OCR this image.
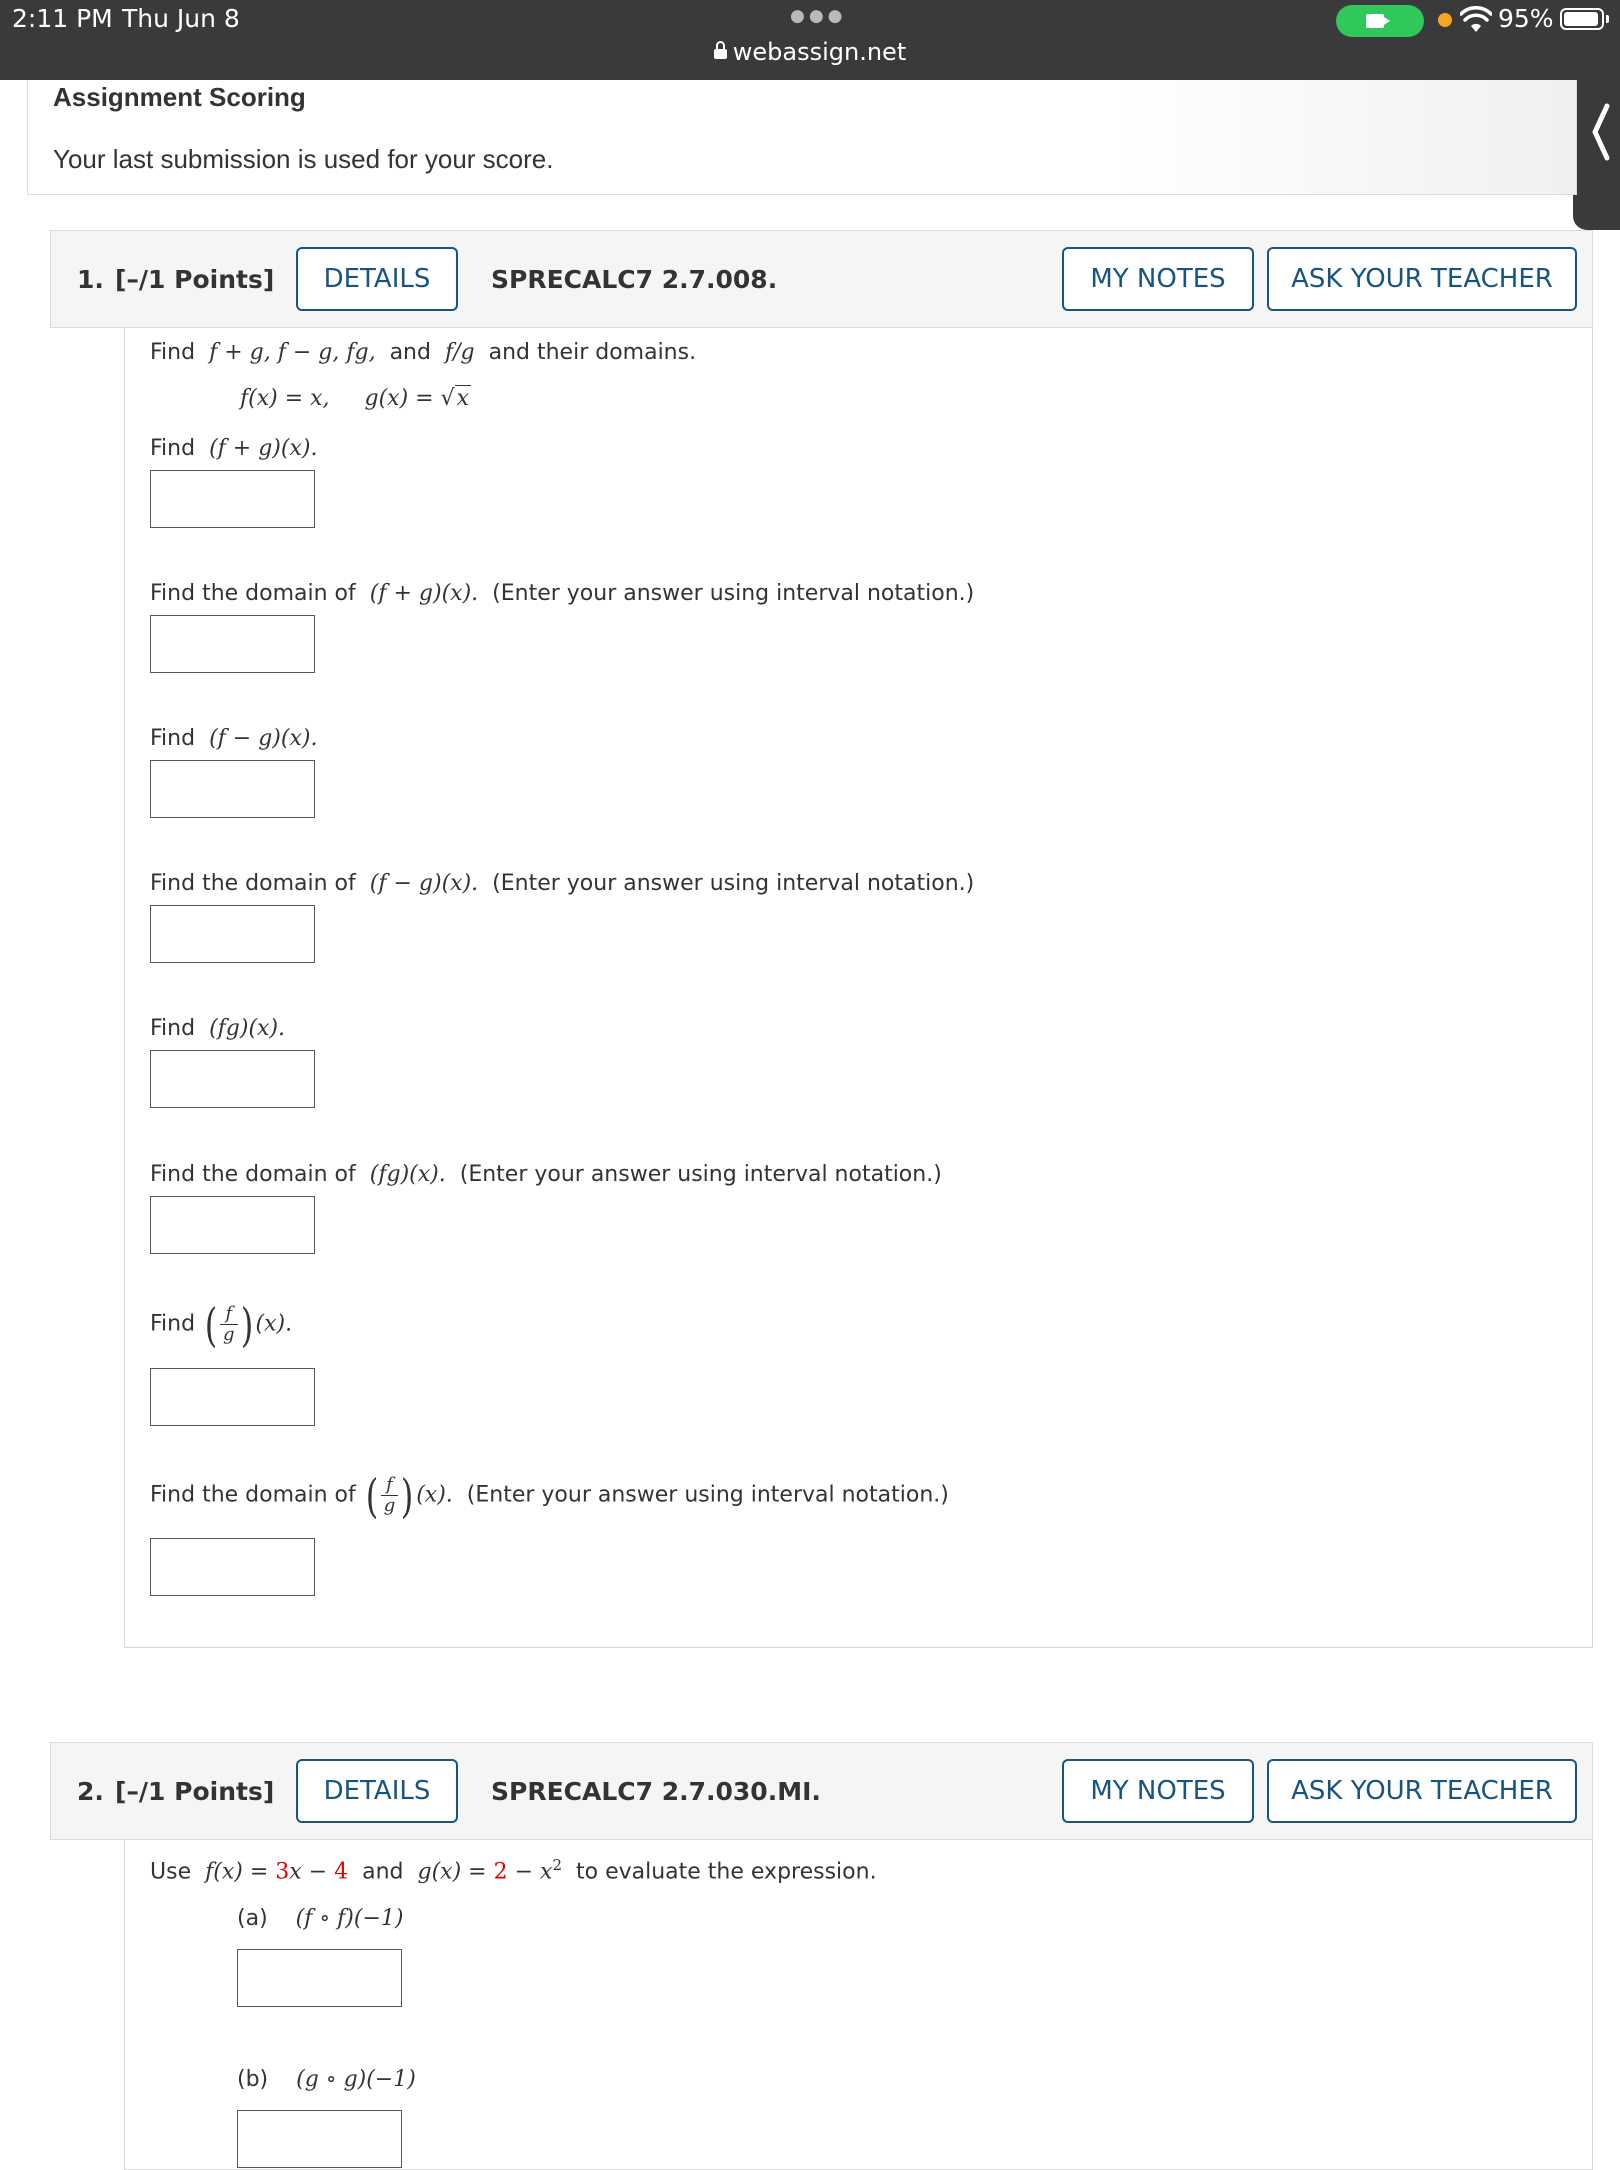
2:11 PM Thu Jun 8	●●●
webassign.net
95%
Assignment Scoring
Your last submission is used for your score.
1. [–/1 Points]	DETAILS	SPRECALC7 2.7.008.	MY NOTES	ASK YOUR TEACHER
Find f + g, f − g, fg, and f/g and their domains.
f(x) = x, g(x) = √x
Find (f + g)(x).
Find the domain of (f + g)(x). (Enter your answer using interval notation.)
Find (f − g)(x).
Find the domain of (f − g)(x). (Enter your answer using interval notation.)
Find (fg)(x).
Find the domain of (fg)(x). (Enter your answer using interval notation.)
Find ( $\frac{f}{g}$ ) (x).
Find the domain of ( $\frac{f}{g}$ ) (x). (Enter your answer using interval notation.)
2. [–/1 Points]	DETAILS	SPRECALC7 2.7.030.MI.	MY NOTES	ASK YOUR TEACHER
Use f(x) = 3x − 4 and $g(x) = 2 - x^2$ to evaluate the expression.
(a) (f ∘ f)(−1)
(b) (g ∘ g)(−1)
